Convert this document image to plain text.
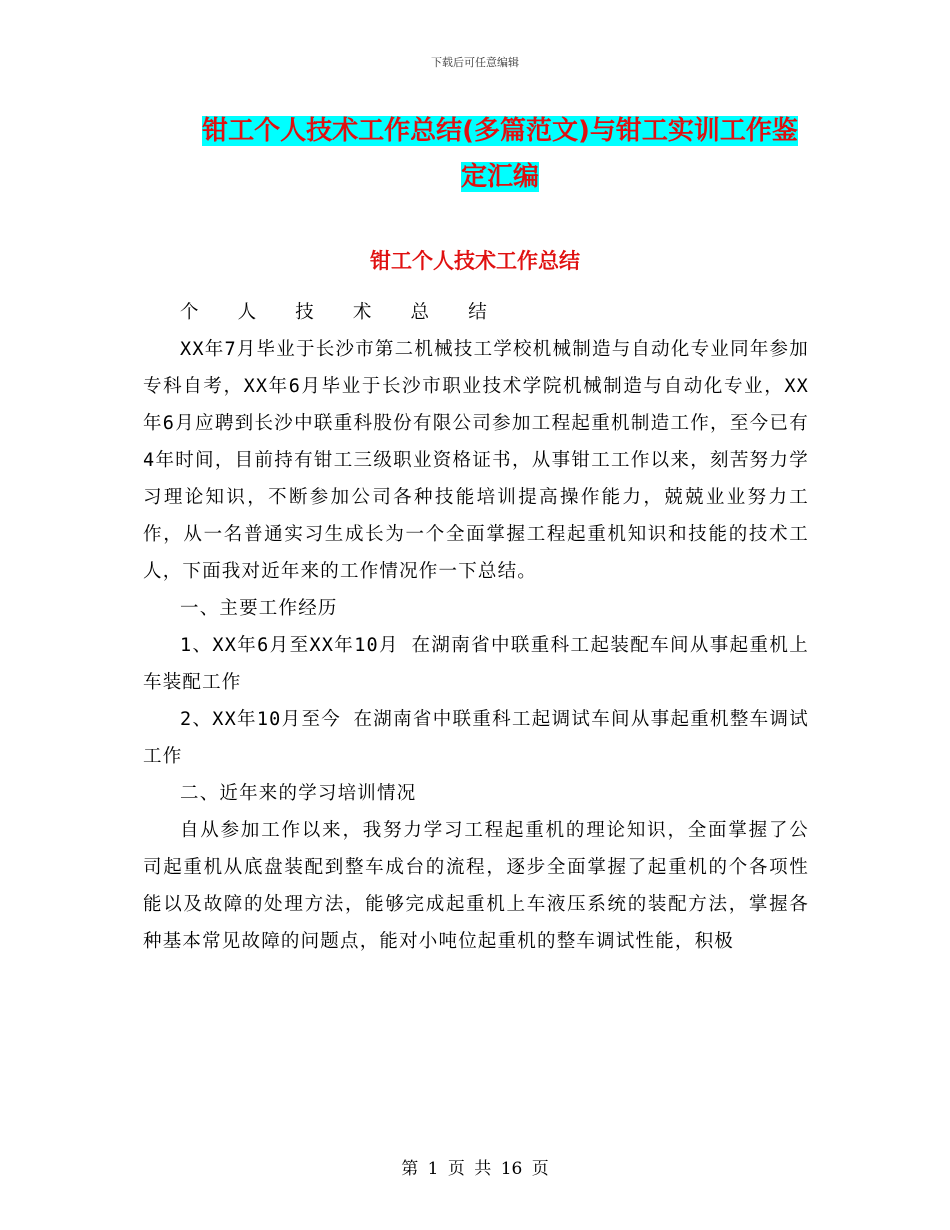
下载后可任意编辑
钳工个人技术工作总结(多篇范文)与钳工实训工作鉴
定汇编
钳工个人技术工作总结

个 人 技 术 总 结

XX年7月毕业于长沙市第二机械技工学校机械制造与自动化专业同年参加专科自考，XX年6月毕业于长沙市职业技术学院机械制造与自动化专业，XX年6月应聘到长沙中联重科股份有限公司参加工程起重机制造工作，至今已有4年时间，目前持有钳工三级职业资格证书，从事钳工工作以来，刻苦努力学习理论知识，不断参加公司各种技能培训提高操作能力，兢兢业业努力工作，从一名普通实习生成长为一个全面掌握工程起重机知识和技能的技术工人，下面我对近年来的工作情况作一下总结。

一、主要工作经历

1、XX年6月至XX年10月 在湖南省中联重科工起装配车间从事起重机上车装配工作

2、XX年10月至今 在湖南省中联重科工起调试车间从事起重机整车调试工作

二、近年来的学习培训情况

自从参加工作以来，我努力学习工程起重机的理论知识，全面掌握了公司起重机从底盘装配到整车成台的流程，逐步全面掌握了起重机的个各项性能以及故障的处理方法，能够完成起重机上车液压系统的装配方法，掌握各种基本常见故障的问题点，能对小吨位起重机的整车调试性能，积极

第 1 页 共 16 页
